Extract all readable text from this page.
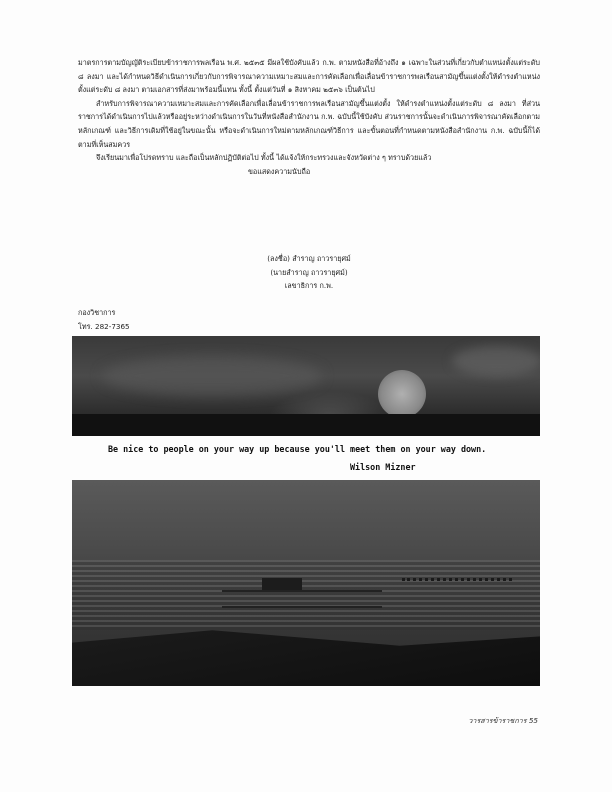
มาตรการตามบัญญัติระเบียบข้าราชการพลเรือน พ.ศ. ๒๕๓๕ มีผลใช้บังคับแล้ว ก.พ. ตามหนังสือที่อ้างถึง ๑ เฉพาะในส่วนที่เกี่ยวกับตำแหน่งตั้งแต่ระดับ ๘ ลงมา และได้กำหนดวิธีดำเนินการเกี่ยวกับการพิจารณาความเหมาะสมและการคัดเลือกเพื่อเลื่อนข้าราชการพลเรือนสามัญขึ้นแต่งตั้งให้ดำรงตำแหน่งตั้งแต่ระดับ ๘ ลงมา ตามเอกสารที่ส่งมาพร้อมนี้แทน ทั้งนี้ ตั้งแต่วันที่ ๑ สิงหาคม ๒๕๓๖ เป็นต้นไป

สำหรับการพิจารณาความเหมาะสมและการคัดเลือกเพื่อเลื่อนข้าราชการพลเรือนสามัญขึ้นแต่งตั้ง ให้ดำรงตำแหน่งตั้งแต่ระดับ ๘ ลงมา ที่ส่วนราชการได้ดำเนินการไปแล้วหรืออยู่ระหว่างดำเนินการในวันที่หนังสือสำนักงาน ก.พ. ฉบับนี้ใช้บังคับ ส่วนราชการนั้นจะดำเนินการพิจารณาคัดเลือกตามหลักเกณฑ์ และวิธีการเดิมที่ใช้อยู่ในขณะนั้น หรือจะดำเนินการใหม่ตามหลักเกณฑ์วิธีการ และขั้นตอนที่กำหนดตามหนังสือสำนักงาน ก.พ. ฉบับนี้ก็ได้ตามที่เห็นสมควร

จึงเรียนมาเพื่อโปรดทราบ และถือเป็นหลักปฏิบัติต่อไป ทั้งนี้ ได้แจ้งให้กระทรวงและจังหวัดต่าง ๆ ทราบด้วยแล้ว

ขอแสดงความนับถือ

(ลงชื่อ) สำราญ ถาวรายุศม์
(นายสำราญ ถาวรายุศม์)
เลขาธิการ ก.พ.
กองวิชาการ
โทร. 282-7365
Be nice to people on your way up because you'll meet them on your way down.
Wilson Mizner
วารสารข้าราชการ 55
